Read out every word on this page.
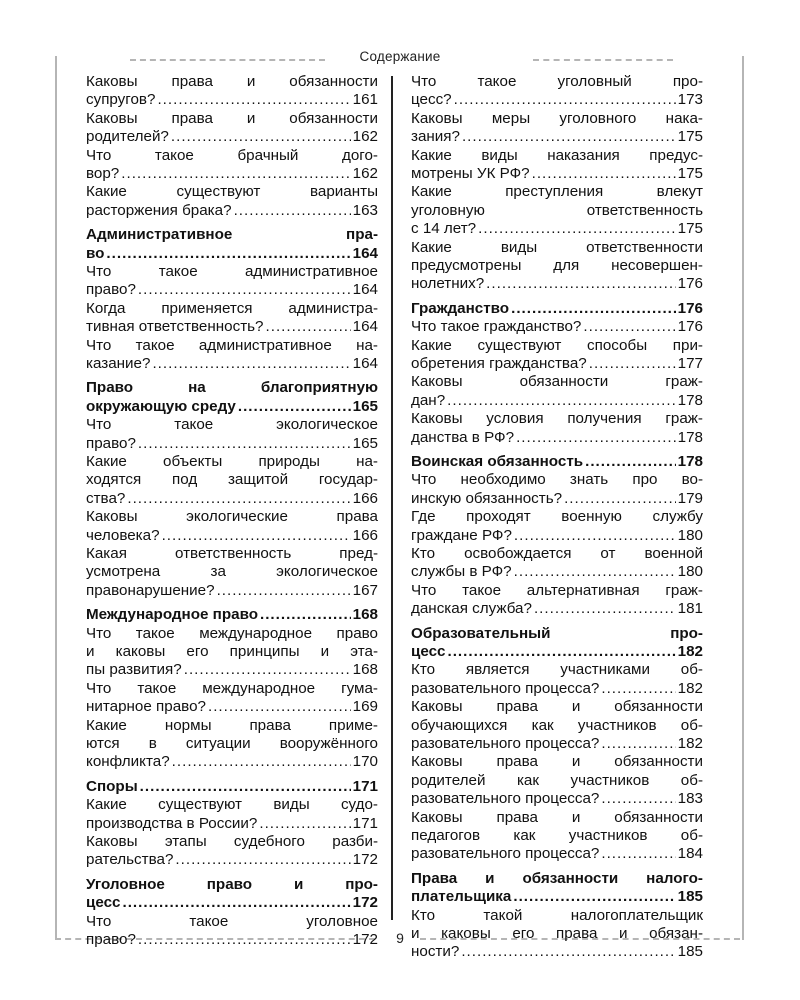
Содержание
Каковы права и обязанности
супругов? .....	161
Каковы права и обязанности
родителей? .....	162
Что такое брачный дого-
вор? .....	162
Какие существуют варианты
расторжения брака? .....	163
Административное пра-
во .....	164
Что такое административное
право? .....	164
Когда применяется администра-
тивная ответственность? .....	164
Что такое административное на-
казание? .....	164
Право на благоприятную
окружающую среду .....	165
Что такое экологическое
право? .....	165
Какие объекты природы на-
ходятся под защитой государ-
ства? .....	166
Каковы экологические права
человека? .....	166
Какая ответственность пред-
усмотрена за экологическое
правонарушение? .....	167
Международное право .....	168
Что такое международное право
и каковы его принципы и эта-
пы развития? .....	168
Что такое международное гума-
нитарное право? .....	169
Какие нормы права приме-
ются в ситуации вооружённого
конфликта? .....	170
Споры .....	171
Какие существуют виды судо-
производства в России? .....	171
Каковы этапы судебного разби-
рательства? .....	172
Уголовное право и про-
цесс .....	172
Что такое уголовное
право? .....	172
Что такое уголовный про-
цесс? .....	173
Каковы меры уголовного нака-
зания? .....	175
Какие виды наказания предус-
мотрены УК РФ? .....	175
Какие преступления влекут
уголовную ответственность
с 14 лет? .....	175
Какие виды ответственности
предусмотрены для несовершен-
нолетних? .....	176
Гражданство .....	176
Что такое гражданство? .....	176
Какие существуют способы при-
обретения гражданства? .....	177
Каковы обязанности граж-
дан? .....	178
Каковы условия получения граж-
данства в РФ? .....	178
Воинская обязанность .....	178
Что необходимо знать про во-
инскую обязанность? .....	179
Где проходят военную службу
граждане РФ? .....	180
Кто освобождается от военной
службы в РФ? .....	180
Что такое альтернативная граж-
данская служба? .....	181
Образовательный про-
цесс .....	182
Кто является участниками об-
разовательного процесса? .....	182
Каковы права и обязанности
обучающихся как участников об-
разовательного процесса? .....	182
Каковы права и обязанности
родителей как участников об-
разовательного процесса? .....	183
Каковы права и обязанности
педагогов как участников об-
разовательного процесса? .....	184
Права и обязанности налого-
плательщика .....	185
Кто такой налогоплательщик
и каковы его права и обязан-
ности? .....	185
9
